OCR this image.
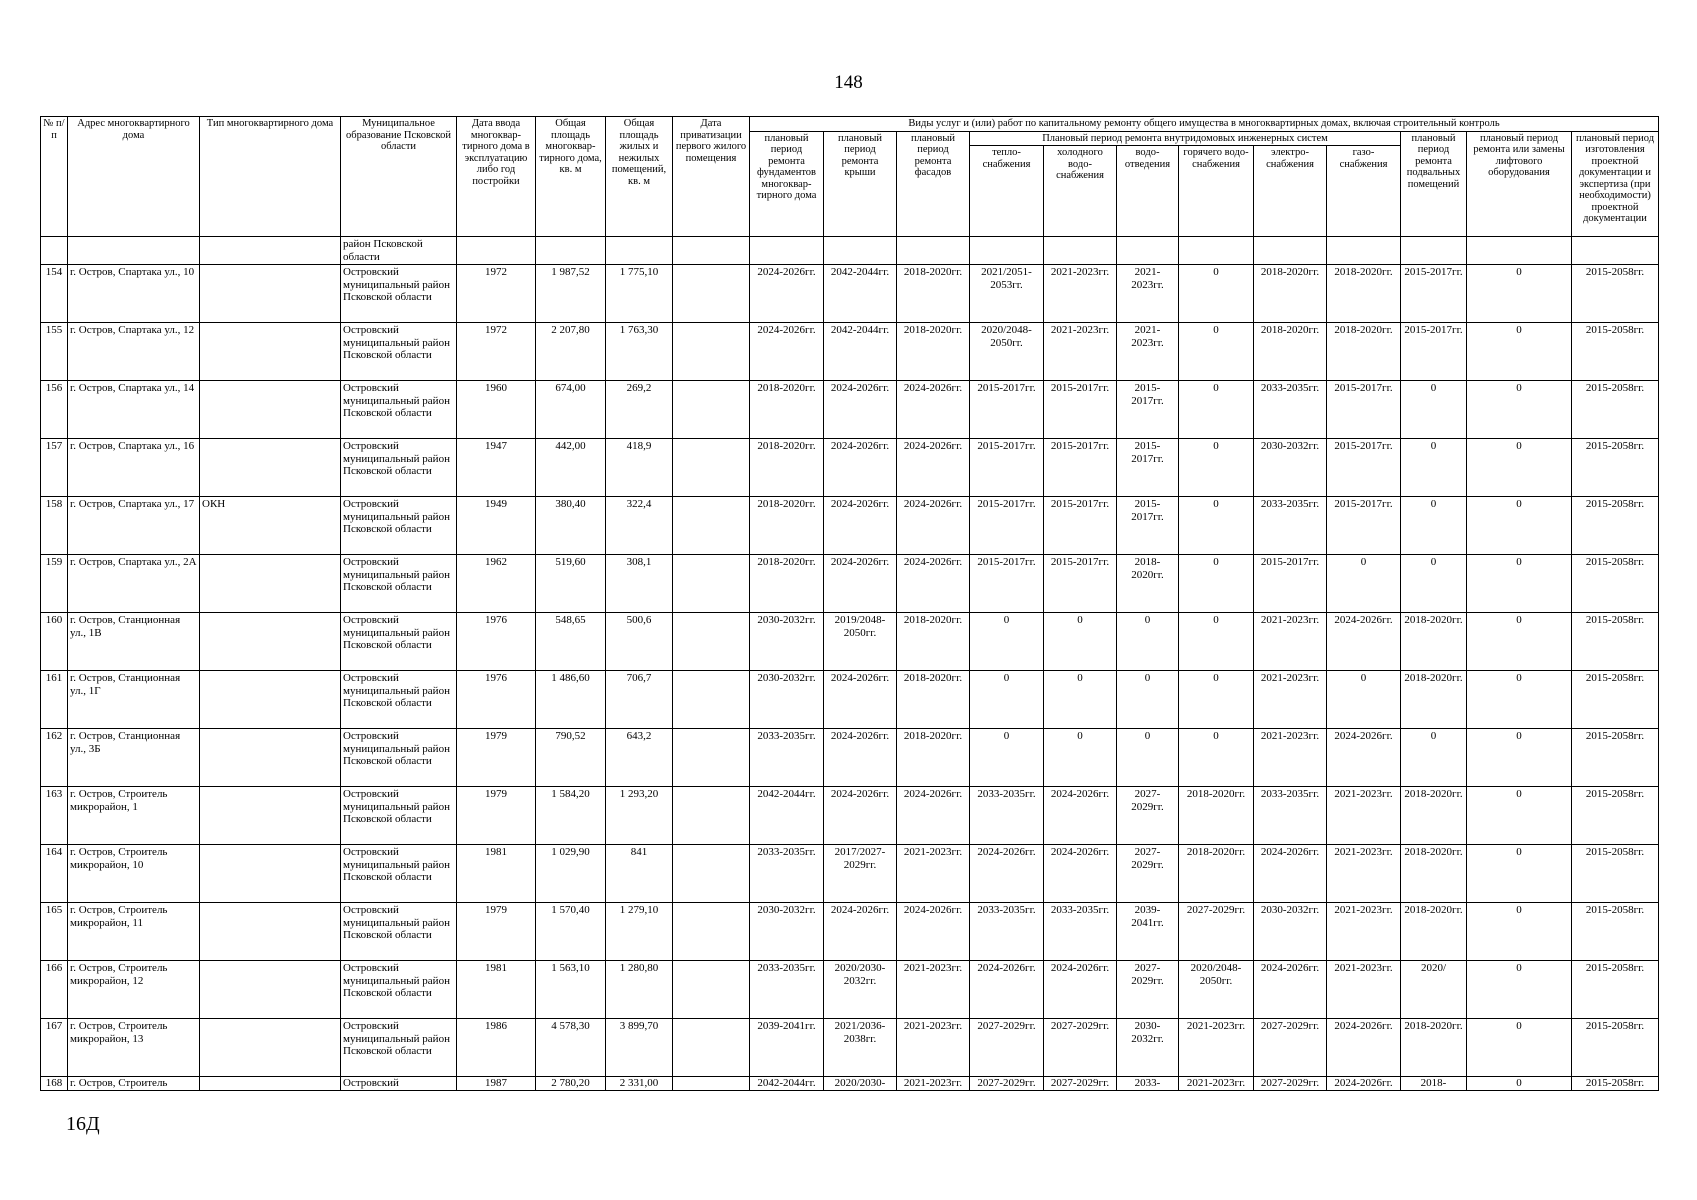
148
№ п/п	Адрес многоквартирного дома	Тип многоквартирного дома	Муниципальное образование Псковской области	Дата ввода многоквар-тирного дома в эксплуатацию либо год постройки	Общая площадь многоквар-тирного дома, кв. м	Общая площадь жилых и нежилых помещений, кв. м	Дата приватизации первого жилого помещения	Виды услуг и (или) работ по капитальному ремонту общего имущества в многоквартирных домах, включая строительный контроль											
								плановый период ремонта фундаментов многоквар-тирного дома	плановый период ремонта крыши	плановый период ремонта фасадов	Плановый период ремонта внутридомовых инженерных систем						плановый период ремонта подвальных помещений	плановый период ремонта или замены лифтового оборудования	плановый период изготовления проектной документации и экспертиза (при необходимости) проектной документации
											тепло-снабжения	холодного водо-снабжения	водо-отведения	горячего водо-снабжения	электро-снабжения	газо-снабжения			
			район Псковской области																
154	г. Остров, Спартака ул., 10		Островский муниципальный район Псковской области	1972	1 987,52	1 775,10		2024-2026гг.	2042-2044гг.	2018-2020гг.	2021/2051-2053гг.	2021-2023гг.	2021-2023гг.	0	2018-2020гг.	2018-2020гг.	2015-2017гг.	0	2015-2058гг.
155	г. Остров, Спартака ул., 12		Островский муниципальный район Псковской области	1972	2 207,80	1 763,30		2024-2026гг.	2042-2044гг.	2018-2020гг.	2020/2048-2050гг.	2021-2023гг.	2021-2023гг.	0	2018-2020гг.	2018-2020гг.	2015-2017гг.	0	2015-2058гг.
156	г. Остров, Спартака ул., 14		Островский муниципальный район Псковской области	1960	674,00	269,2		2018-2020гг.	2024-2026гг.	2024-2026гг.	2015-2017гг.	2015-2017гг.	2015-2017гг.	0	2033-2035гг.	2015-2017гг.	0	0	2015-2058гг.
157	г. Остров, Спартака ул., 16		Островский муниципальный район Псковской области	1947	442,00	418,9		2018-2020гг.	2024-2026гг.	2024-2026гг.	2015-2017гг.	2015-2017гг.	2015-2017гг.	0	2030-2032гг.	2015-2017гг.	0	0	2015-2058гг.
158	г. Остров, Спартака ул., 17	ОКН	Островский муниципальный район Псковской области	1949	380,40	322,4		2018-2020гг.	2024-2026гг.	2024-2026гг.	2015-2017гг.	2015-2017гг.	2015-2017гг.	0	2033-2035гг.	2015-2017гг.	0	0	2015-2058гг.
159	г. Остров, Спартака ул., 2А		Островский муниципальный район Псковской области	1962	519,60	308,1		2018-2020гг.	2024-2026гг.	2024-2026гг.	2015-2017гг.	2015-2017гг.	2018-2020гг.	0	2015-2017гг.	0	0	0	2015-2058гг.
160	г. Остров, Станционная ул., 1В		Островский муниципальный район Псковской области	1976	548,65	500,6		2030-2032гг.	2019/2048-2050гг.	2018-2020гг.	0	0	0	0	2021-2023гг.	2024-2026гг.	2018-2020гг.	0	2015-2058гг.
161	г. Остров, Станционная ул., 1Г		Островский муниципальный район Псковской области	1976	1 486,60	706,7		2030-2032гг.	2024-2026гг.	2018-2020гг.	0	0	0	0	2021-2023гг.	0	2018-2020гг.	0	2015-2058гг.
162	г. Остров, Станционная ул., 3Б		Островский муниципальный район Псковской области	1979	790,52	643,2		2033-2035гг.	2024-2026гг.	2018-2020гг.	0	0	0	0	2021-2023гг.	2024-2026гг.	0	0	2015-2058гг.
163	г. Остров, Строитель микрорайон, 1		Островский муниципальный район Псковской области	1979	1 584,20	1 293,20		2042-2044гг.	2024-2026гг.	2024-2026гг.	2033-2035гг.	2024-2026гг.	2027-2029гг.	2018-2020гг.	2033-2035гг.	2021-2023гг.	2018-2020гг.	0	2015-2058гг.
164	г. Остров, Строитель микрорайон, 10		Островский муниципальный район Псковской области	1981	1 029,90	841		2033-2035гг.	2017/2027-2029гг.	2021-2023гг.	2024-2026гг.	2024-2026гг.	2027-2029гг.	2018-2020гг.	2024-2026гг.	2021-2023гг.	2018-2020гг.	0	2015-2058гг.
165	г. Остров, Строитель микрорайон, 11		Островский муниципальный район Псковской области	1979	1 570,40	1 279,10		2030-2032гг.	2024-2026гг.	2024-2026гг.	2033-2035гг.	2033-2035гг.	2039-2041гг.	2027-2029гг.	2030-2032гг.	2021-2023гг.	2018-2020гг.	0	2015-2058гг.
166	г. Остров, Строитель микрорайон, 12		Островский муниципальный район Псковской области	1981	1 563,10	1 280,80		2033-2035гг.	2020/2030-2032гг.	2021-2023гг.	2024-2026гг.	2024-2026гг.	2027-2029гг.	2020/2048-2050гг.	2024-2026гг.	2021-2023гг.	2020/	0	2015-2058гг.
167	г. Остров, Строитель микрорайон, 13		Островский муниципальный район Псковской области	1986	4 578,30	3 899,70		2039-2041гг.	2021/2036-2038гг.	2021-2023гг.	2027-2029гг.	2027-2029гг.	2030-2032гг.	2021-2023гг.	2027-2029гг.	2024-2026гг.	2018-2020гг.	0	2015-2058гг.
168	г. Остров, Строитель		Островский	1987	2 780,20	2 331,00		2042-2044гг.	2020/2030-	2021-2023гг.	2027-2029гг.	2027-2029гг.	2033-	2021-2023гг.	2027-2029гг.	2024-2026гг.	2018-	0	2015-2058гг.
16Д
